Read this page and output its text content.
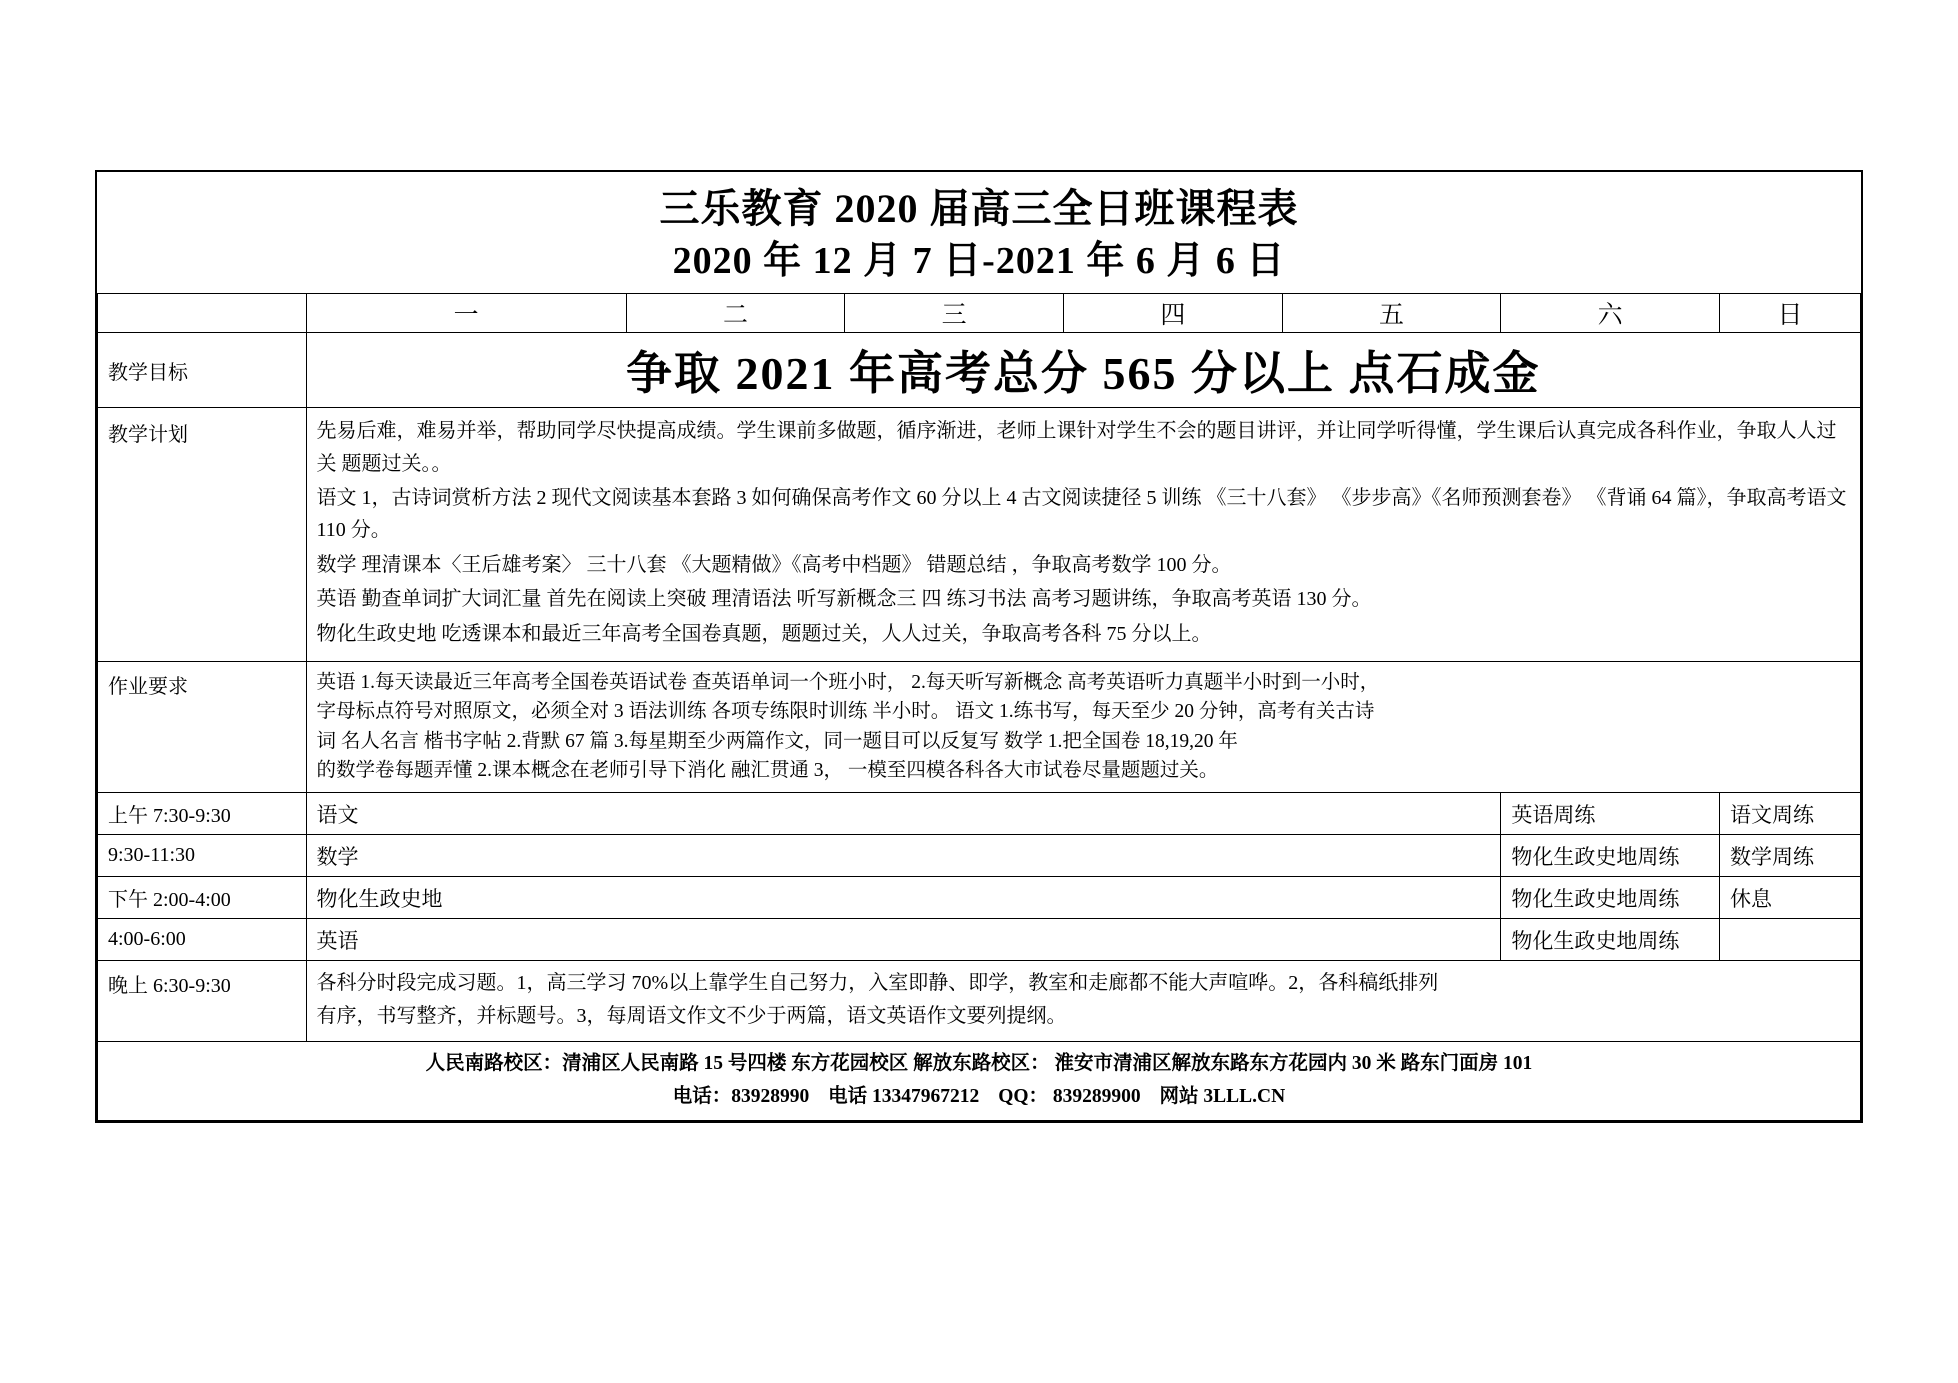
三乐教育 2020 届高三全日班课程表
2020 年 12 月 7 日-2021 年 6 月 6 日							

	一	二	三	四	五	六	日
教学目标	争取 2021 年高考总分 565 分以上 点石成金						
教学计划	先易后难，难易并举，帮助同学尽快提高成绩。学生课前多做题，循序渐进，老师上课针对学生不会的题目讲评，并让同学听得懂，学生课后认真完成各科作业，争取人人过关 题题过关。。

语文 1，古诗词赏析方法 2 现代文阅读基本套路 3 如何确保高考作文 60 分以上 4 古文阅读捷径 5 训练 《三十八套》 《步步高》《名师预测套卷》 《背诵 64 篇》，争取高考语文 110 分。

数学 理清课本〈王后雄考案〉 三十八套 《大题精做》《高考中档题》 错题总结 ，争取高考数学 100 分。

英语 勤查单词扩大词汇量 首先在阅读上突破 理清语法 听写新概念三 四 练习书法 高考习题讲练，争取高考英语 130 分。

物化生政史地 吃透课本和最近三年高考全国卷真题，题题过关，人人过关，争取高考各科 75 分以上。						

作业要求	英语 1.每天读最近三年高考全国卷英语试卷 查英语单词一个班小时， 2.每天听写新概念 高考英语听力真题半小时到一小时，

字母标点符号对照原文，必须全对 3 语法训练 各项专练限时训练 半小时。 语文 1.练书写，每天至少 20 分钟，高考有关古诗

词 名人名言 楷书字帖 2.背默 67 篇 3.每星期至少两篇作文，同一题目可以反复写 数学 1.把全国卷 18,19,20 年

的数学卷每题弄懂 2.课本概念在老师引导下消化 融汇贯通 3， 一模至四模各科各大市试卷尽量题题过关。						

上午 7:30-9:30	语文					英语周练	语文周练
9:30-11:30	数学					物化生政史地周练	数学周练
下午 2:00-4:00	物化生政史地					物化生政史地周练	休息
4:00-6:00	英语					物化生政史地周练	
晚上 6:30-9:30	各科分时段完成习题。1，高三学习 70%以上靠学生自己努力，入室即静、即学，教室和走廊都不能大声喧哗。2，各科稿纸排列

有序，书写整齐，并标题号。3，每周语文作文不少于两篇，语文英语作文要列提纲。						

人民南路校区：清浦区人民南路 15 号四楼 东方花园校区 解放东路校区： 淮安市清浦区解放东路东方花园内 30 米 路东门面房 101
电话：83928990 电话 13347967212 QQ： 839289900 网站 3LLL.CN							
